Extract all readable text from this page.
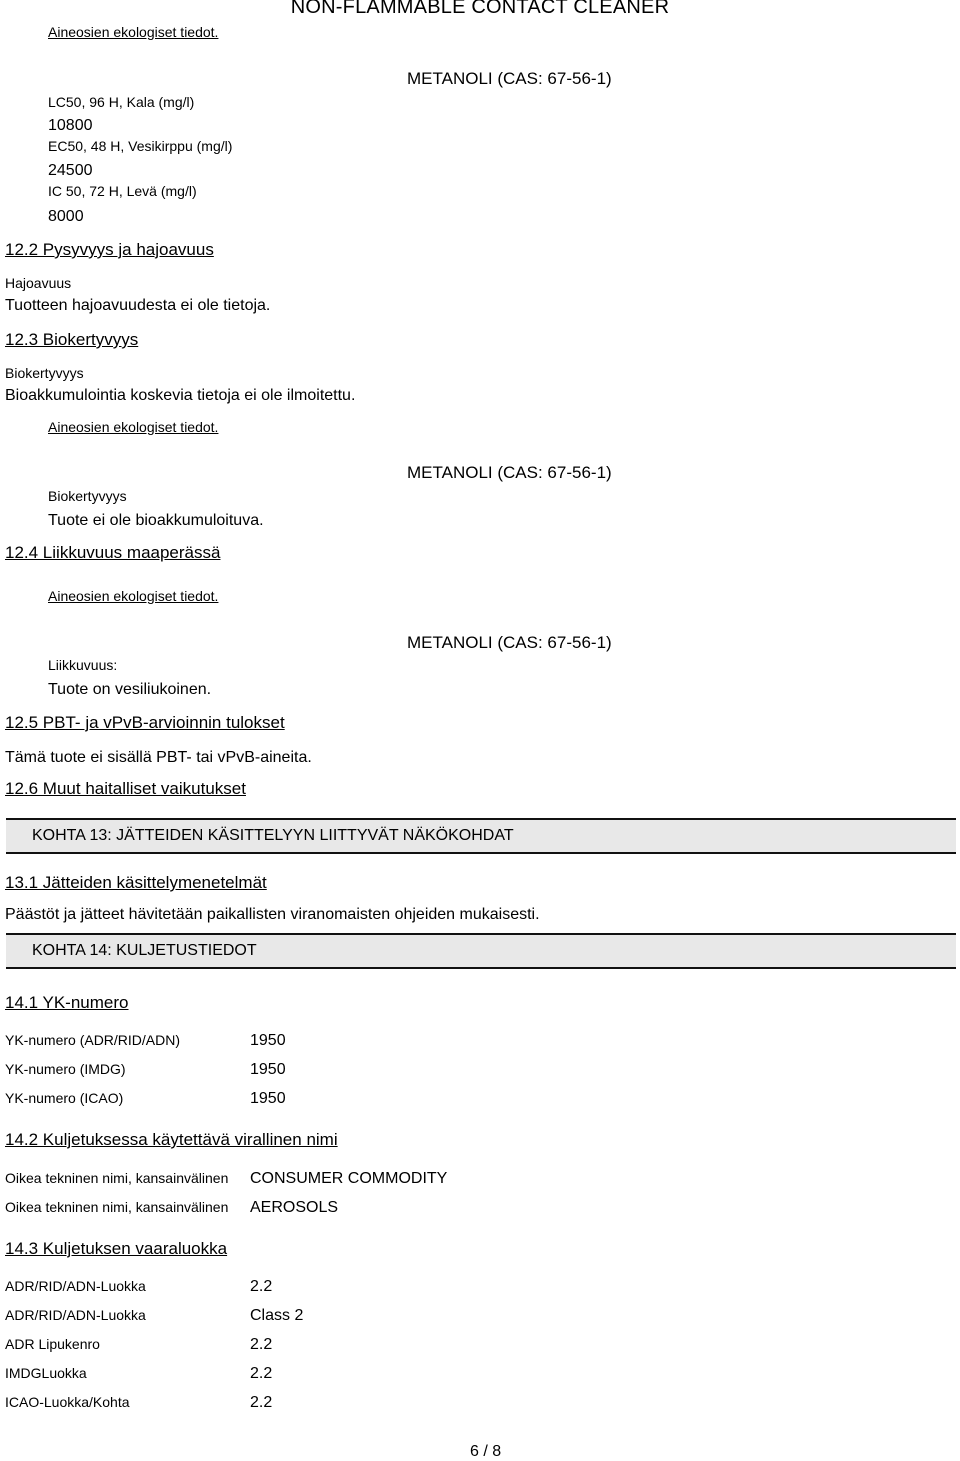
NON-FLAMMABLE CONTACT CLEANER
Aineosien ekologiset tiedot.
METANOLI (CAS: 67-56-1)
LC50, 96 H, Kala (mg/l)
10800
EC50, 48 H, Vesikirppu (mg/l)
24500
IC 50, 72 H, Levä (mg/l)
8000
12.2 Pysyvyys ja hajoavuus
Hajoavuus
Tuotteen hajoavuudesta ei ole tietoja.
12.3 Biokertyvyys
Biokertyvyys
Bioakkumulointia koskevia tietoja ei ole ilmoitettu.
Aineosien ekologiset tiedot.
METANOLI (CAS: 67-56-1)
Biokertyvyys
Tuote ei ole bioakkumuloituva.
12.4 Liikkuvuus maaperässä
Aineosien ekologiset tiedot.
METANOLI (CAS: 67-56-1)
Liikkuvuus:
Tuote on vesiliukoinen.
12.5 PBT- ja vPvB-arvioinnin tulokset
Tämä tuote ei sisällä PBT- tai vPvB-aineita.
12.6 Muut haitalliset vaikutukset
KOHTA 13: JÄTTEIDEN KÄSITTELYYN LIITTYVÄT NÄKÖKOHDAT
13.1 Jätteiden käsittelymenetelmät
Päästöt ja jätteet hävitetään paikallisten viranomaisten ohjeiden mukaisesti.
KOHTA 14: KULJETUSTIEDOT
14.1 YK-numero
YK-numero (ADR/RID/ADN)	1950
YK-numero (IMDG)	1950
YK-numero (ICAO)	1950
14.2 Kuljetuksessa käytettävä virallinen nimi
Oikea tekninen nimi, kansainvälinen CONSUMER COMMODITY
Oikea tekninen nimi, kansainvälinen AEROSOLS
14.3 Kuljetuksen vaaraluokka
ADR/RID/ADN-Luokka	2.2
ADR/RID/ADN-Luokka	Class 2
ADR Lipukenro	2.2
IMDGLuokka	2.2
ICAO-Luokka/Kohta	2.2
6 / 8
